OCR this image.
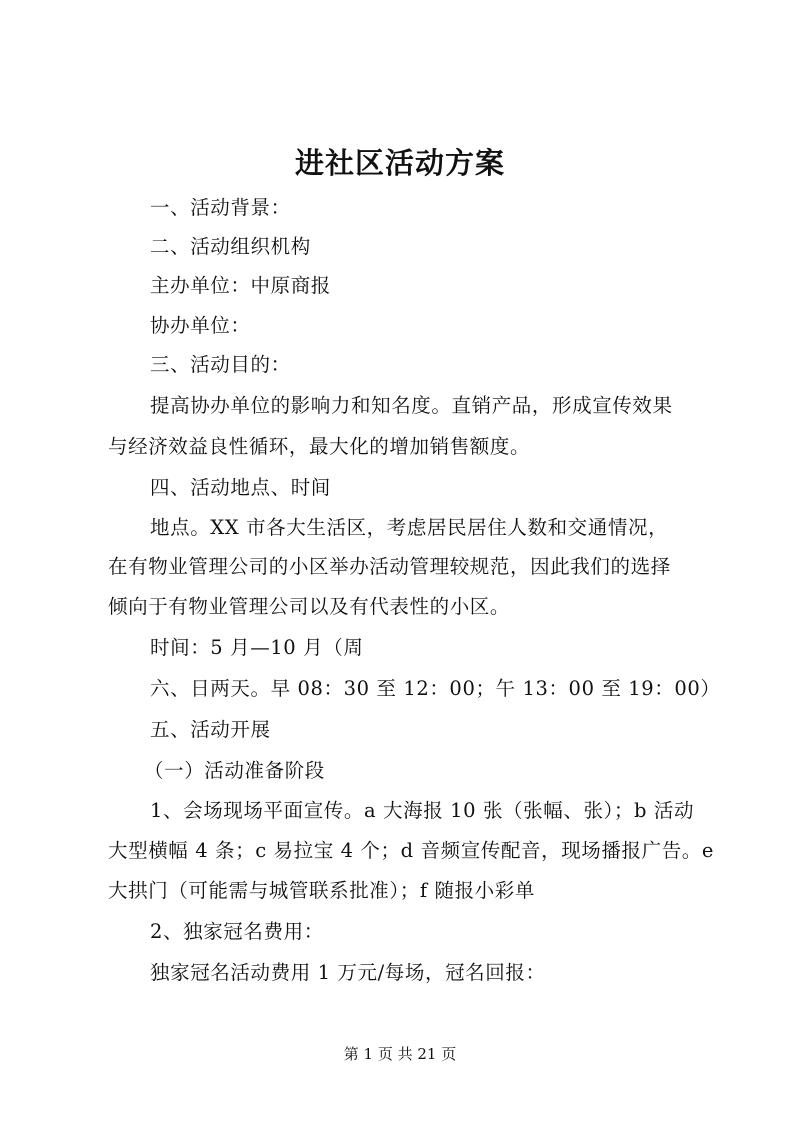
进社区活动方案
一、活动背景：
二、活动组织机构
主办单位：中原商报
协办单位：
三、活动目的：
提高协办单位的影响力和知名度。直销产品，形成宣传效果
与经济效益良性循环，最大化的增加销售额度。
四、活动地点、时间
地点。XX 市各大生活区，考虑居民居住人数和交通情况，
在有物业管理公司的小区举办活动管理较规范，因此我们的选择
倾向于有物业管理公司以及有代表性的小区。
时间：5 月—10 月（周
六、日两天。早 08：30 至 12：00；午 13：00 至 19：00）
五、活动开展
（一）活动准备阶段
1、会场现场平面宣传。a 大海报 10 张（张幅、张）；b 活动
大型横幅 4 条；c 易拉宝 4 个；d 音频宣传配音，现场播报广告。e
大拱门（可能需与城管联系批准）；f 随报小彩单
2、独家冠名费用：
独家冠名活动费用 1 万元/每场，冠名回报：
第 1 页 共 21 页
